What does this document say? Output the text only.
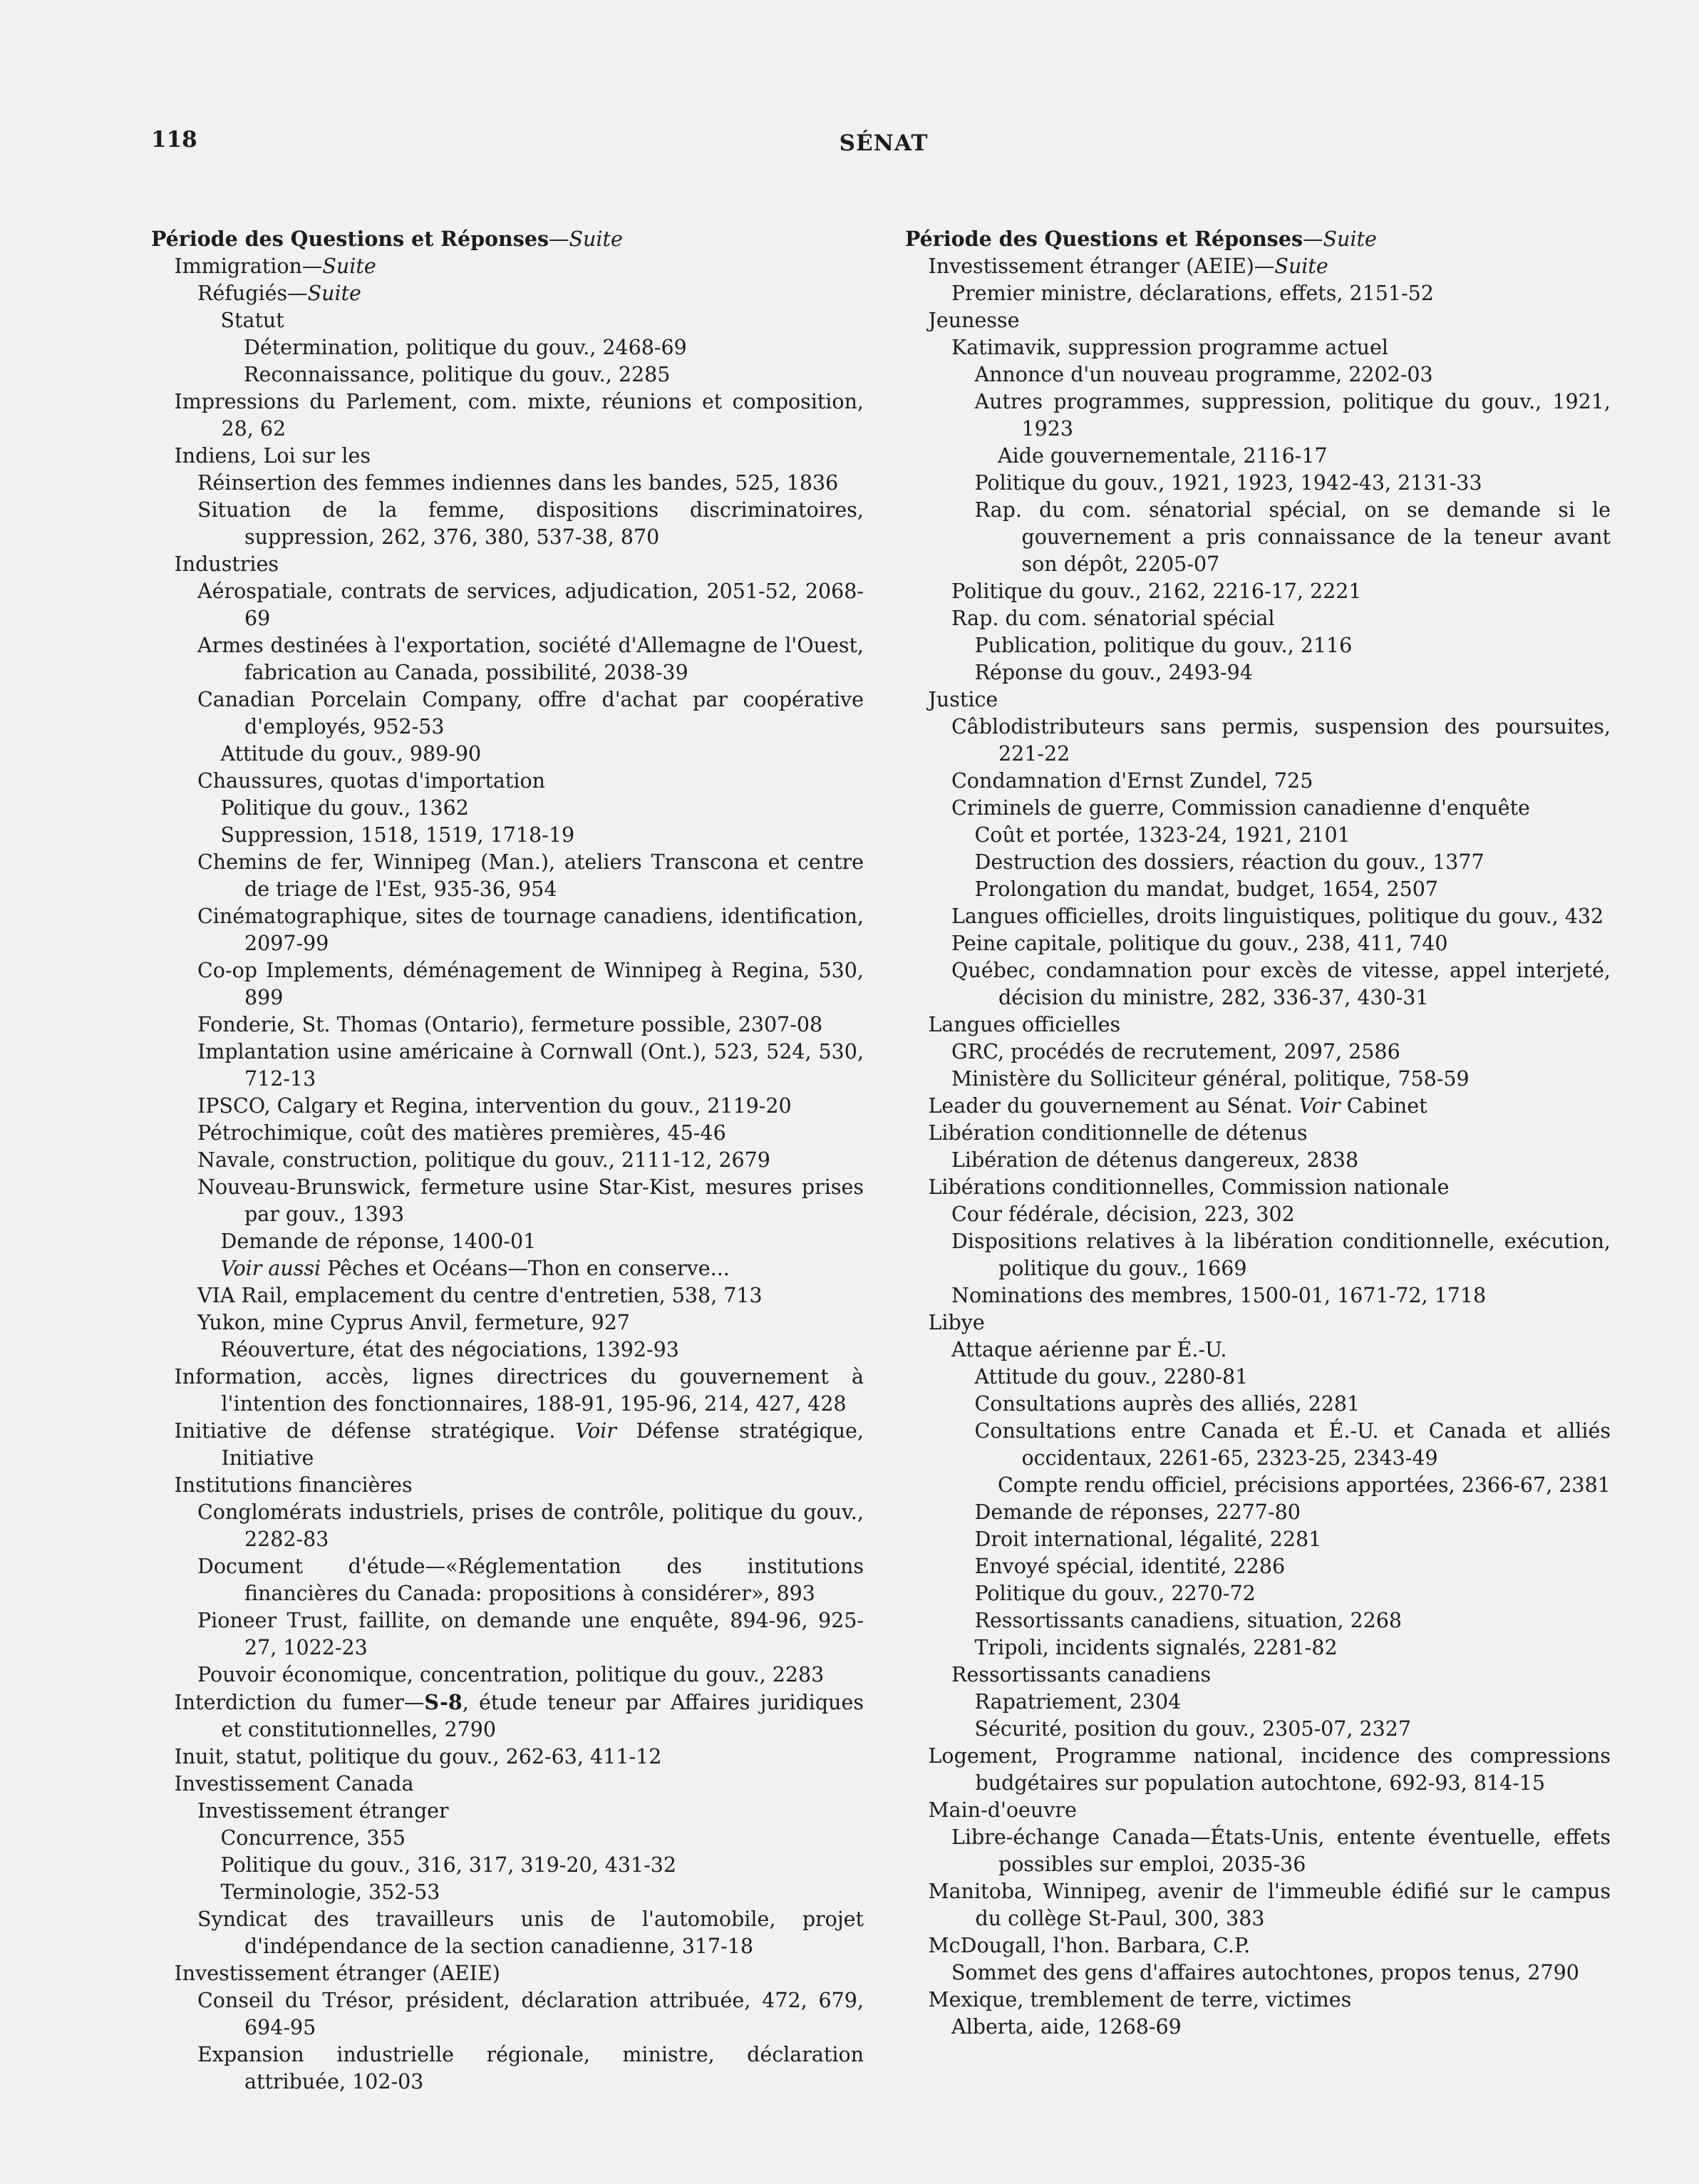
118	SÉNAT

Période des Questions et Réponses—Suite

Immigration—Suite

Réfugiés—Suite

Statut

Détermination, politique du gouv., 2468-69

Reconnaissance, politique du gouv., 2285

Impressions du Parlement, com. mixte, réunions et composition, 28, 62

Indiens, Loi sur les

Réinsertion des femmes indiennes dans les bandes, 525, 1836

Situation de la femme, dispositions discriminatoires, suppression, 262, 376, 380, 537-38, 870

Industries

Aérospatiale, contrats de services, adjudication, 2051-52, 2068-69

Armes destinées à l'exportation, société d'Allemagne de l'Ouest, fabrication au Canada, possibilité, 2038-39

Canadian Porcelain Company, offre d'achat par coopérative d'employés, 952-53

Attitude du gouv., 989-90

Chaussures, quotas d'importation

Politique du gouv., 1362

Suppression, 1518, 1519, 1718-19

Chemins de fer, Winnipeg (Man.), ateliers Transcona et centre de triage de l'Est, 935-36, 954

Cinématographique, sites de tournage canadiens, identification, 2097-99

Co-op Implements, déménagement de Winnipeg à Regina, 530, 899

Fonderie, St. Thomas (Ontario), fermeture possible, 2307-08

Implantation usine américaine à Cornwall (Ont.), 523, 524, 530, 712-13

IPSCO, Calgary et Regina, intervention du gouv., 2119-20

Pétrochimique, coût des matières premières, 45-46

Navale, construction, politique du gouv., 2111-12, 2679

Nouveau-Brunswick, fermeture usine Star-Kist, mesures prises par gouv., 1393

Demande de réponse, 1400-01

Voir aussi Pêches et Océans—Thon en conserve...

VIA Rail, emplacement du centre d'entretien, 538, 713

Yukon, mine Cyprus Anvil, fermeture, 927

Réouverture, état des négociations, 1392-93

Information, accès, lignes directrices du gouvernement à l'intention des fonctionnaires, 188-91, 195-96, 214, 427, 428

Initiative de défense stratégique. Voir Défense stratégique, Initiative

Institutions financières

Conglomérats industriels, prises de contrôle, politique du gouv., 2282-83

Document d'étude—«Réglementation des institutions financières du Canada: propositions à considérer», 893

Pioneer Trust, faillite, on demande une enquête, 894-96, 925-27, 1022-23

Pouvoir économique, concentration, politique du gouv., 2283

Interdiction du fumer—S-8, étude teneur par Affaires juridiques et constitutionnelles, 2790

Inuit, statut, politique du gouv., 262-63, 411-12

Investissement Canada

Investissement étranger

Concurrence, 355

Politique du gouv., 316, 317, 319-20, 431-32

Terminologie, 352-53

Syndicat des travailleurs unis de l'automobile, projet d'indépendance de la section canadienne, 317-18

Investissement étranger (AEIE)

Conseil du Trésor, président, déclaration attribuée, 472, 679, 694-95

Expansion industrielle régionale, ministre, déclaration attribuée, 102-03

Période des Questions et Réponses—Suite

Investissement étranger (AEIE)—Suite

Premier ministre, déclarations, effets, 2151-52

Jeunesse

Katimavik, suppression programme actuel

Annonce d'un nouveau programme, 2202-03

Autres programmes, suppression, politique du gouv., 1921, 1923

Aide gouvernementale, 2116-17

Politique du gouv., 1921, 1923, 1942-43, 2131-33

Rap. du com. sénatorial spécial, on se demande si le gouvernement a pris connaissance de la teneur avant son dépôt, 2205-07

Politique du gouv., 2162, 2216-17, 2221

Rap. du com. sénatorial spécial

Publication, politique du gouv., 2116

Réponse du gouv., 2493-94

Justice

Câblodistributeurs sans permis, suspension des poursuites, 221-22

Condamnation d'Ernst Zundel, 725

Criminels de guerre, Commission canadienne d'enquête

Coût et portée, 1323-24, 1921, 2101

Destruction des dossiers, réaction du gouv., 1377

Prolongation du mandat, budget, 1654, 2507

Langues officielles, droits linguistiques, politique du gouv., 432

Peine capitale, politique du gouv., 238, 411, 740

Québec, condamnation pour excès de vitesse, appel interjeté, décision du ministre, 282, 336-37, 430-31

Langues officielles

GRC, procédés de recrutement, 2097, 2586

Ministère du Solliciteur général, politique, 758-59

Leader du gouvernement au Sénat. Voir Cabinet

Libération conditionnelle de détenus

Libération de détenus dangereux, 2838

Libérations conditionnelles, Commission nationale

Cour fédérale, décision, 223, 302

Dispositions relatives à la libération conditionnelle, exécution, politique du gouv., 1669

Nominations des membres, 1500-01, 1671-72, 1718

Libye

Attaque aérienne par É.-U.

Attitude du gouv., 2280-81

Consultations auprès des alliés, 2281

Consultations entre Canada et É.-U. et Canada et alliés occidentaux, 2261-65, 2323-25, 2343-49

Compte rendu officiel, précisions apportées, 2366-67, 2381

Demande de réponses, 2277-80

Droit international, légalité, 2281

Envoyé spécial, identité, 2286

Politique du gouv., 2270-72

Ressortissants canadiens, situation, 2268

Tripoli, incidents signalés, 2281-82

Ressortissants canadiens

Rapatriement, 2304

Sécurité, position du gouv., 2305-07, 2327

Logement, Programme national, incidence des compressions budgétaires sur population autochtone, 692-93, 814-15

Main-d'oeuvre

Libre-échange Canada—États-Unis, entente éventuelle, effets possibles sur emploi, 2035-36

Manitoba, Winnipeg, avenir de l'immeuble édifié sur le campus du collège St-Paul, 300, 383

McDougall, l'hon. Barbara, C.P.

Sommet des gens d'affaires autochtones, propos tenus, 2790

Mexique, tremblement de terre, victimes

Alberta, aide, 1268-69
